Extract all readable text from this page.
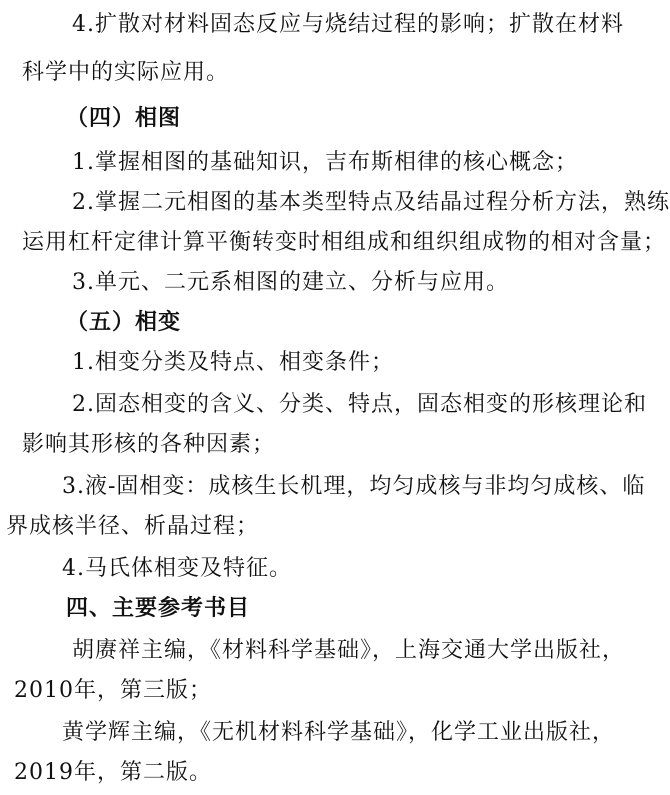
4.扩散对材料固态反应与烧结过程的影响；扩散在材料
科学中的实际应用。
（四）相图
1.掌握相图的基础知识，吉布斯相律的核心概念；
2.掌握二元相图的基本类型特点及结晶过程分析方法，熟练
运用杠杆定律计算平衡转变时相组成和组织组成物的相对含量；
3.单元、二元系相图的建立、分析与应用。
（五）相变
1.相变分类及特点、相变条件；
2.固态相变的含义、分类、特点，固态相变的形核理论和
影响其形核的各种因素；
3.液-固相变：成核生长机理，均匀成核与非均匀成核、临
界成核半径、析晶过程；
4.马氏体相变及特征。
四、主要参考书目
胡赓祥主编，《材料科学基础》，上海交通大学出版社，
2010年，第三版；
黄学辉主编，《无机材料科学基础》，化学工业出版社，
2019年，第二版。
